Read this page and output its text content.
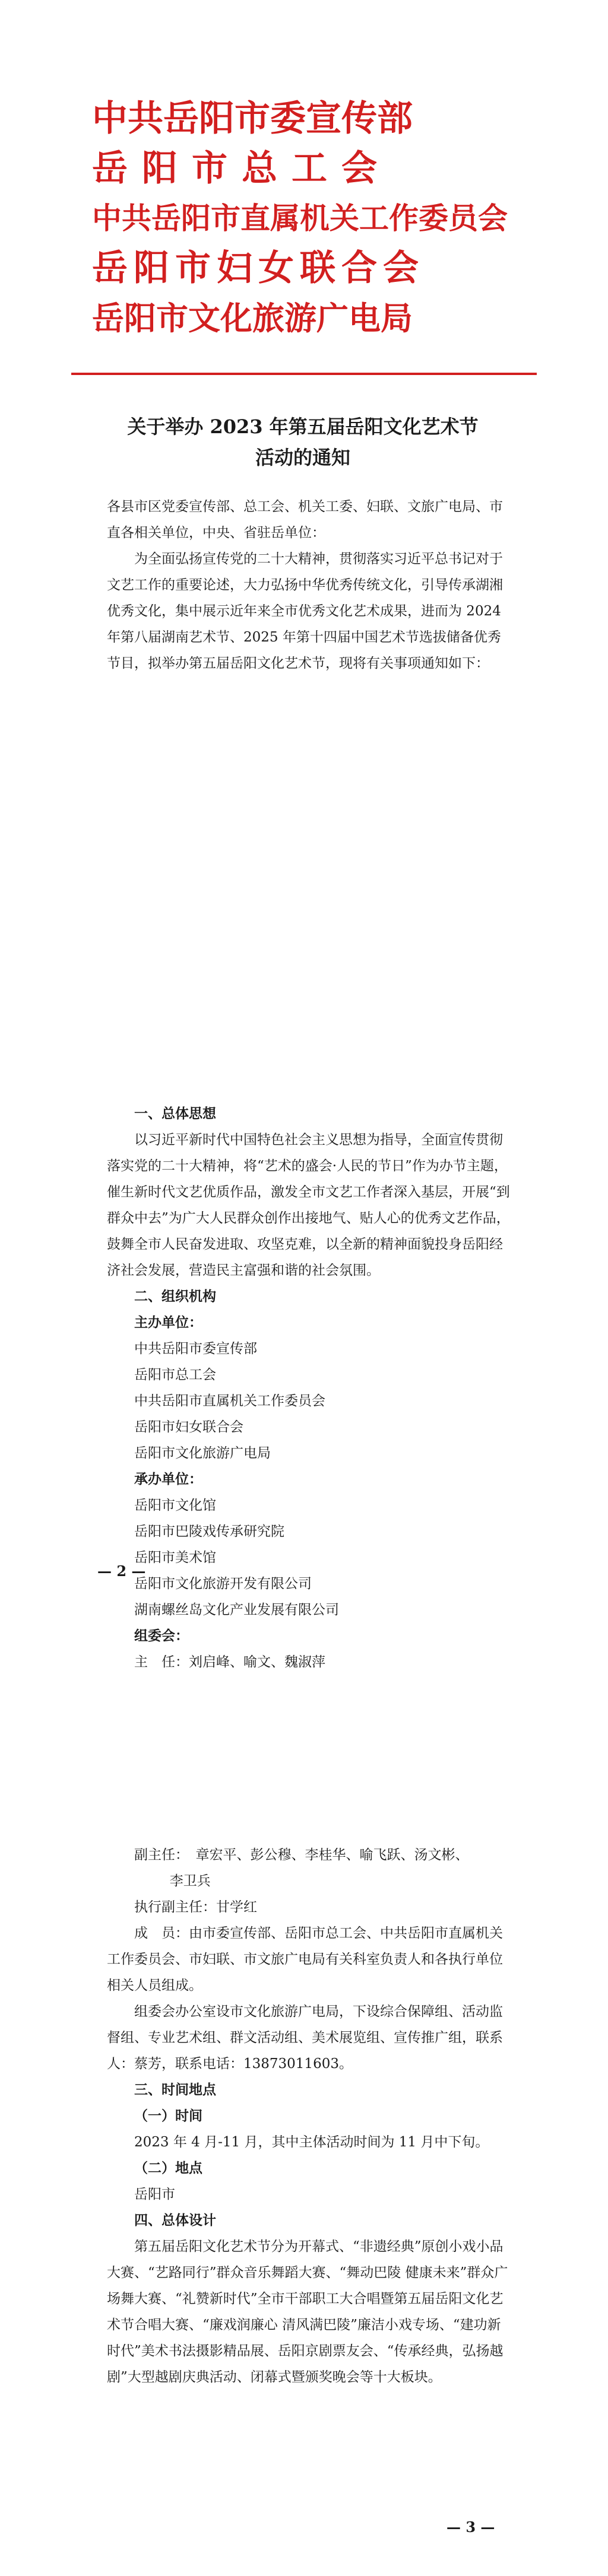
中共岳阳市委宣传部
岳阳市总工会
中共岳阳市直属机关工作委员会
岳阳市妇女联合会
岳阳市文化旅游广电局
关于举办 2023 年第五届岳阳文化艺术节
活动的通知

各县市区党委宣传部、总工会、机关工委、妇联、文旅广电局、市直各相关单位，中央、省驻岳单位：

为全面弘扬宣传党的二十大精神，贯彻落实习近平总书记对于文艺工作的重要论述，大力弘扬中华优秀传统文化，引导传承湖湘优秀文化，集中展示近年来全市优秀文化艺术成果，进而为 2024 年第八届湖南艺术节、2025 年第十四届中国艺术节选拔储备优秀节目，拟举办第五届岳阳文化艺术节，现将有关事项通知如下：

一、总体思想

以习近平新时代中国特色社会主义思想为指导，全面宣传贯彻落实党的二十大精神，将“艺术的盛会·人民的节日”作为办节主题，催生新时代文艺优质作品，激发全市文艺工作者深入基层，开展“到群众中去”为广大人民群众创作出接地气、贴人心的优秀文艺作品，鼓舞全市人民奋发进取、攻坚克难，以全新的精神面貌投身岳阳经济社会发展，营造民主富强和谐的社会氛围。

二、组织机构

主办单位：

中共岳阳市委宣传部

岳阳市总工会

中共岳阳市直属机关工作委员会

岳阳市妇女联合会

岳阳市文化旅游广电局

承办单位：

岳阳市文化馆

岳阳市巴陵戏传承研究院

岳阳市美术馆

岳阳市文化旅游开发有限公司

湖南螺丝岛文化产业发展有限公司

组委会：

主　任：刘启峰、喻文、魏淑萍

— 2 —

副主任：　章宏平、彭公穆、李桂华、喻飞跃、汤文彬、

李卫兵

执行副主任：甘学红

成　员：由市委宣传部、岳阳市总工会、中共岳阳市直属机关工作委员会、市妇联、市文旅广电局有关科室负责人和各执行单位相关人员组成。

组委会办公室设市文化旅游广电局，下设综合保障组、活动监督组、专业艺术组、群文活动组、美术展览组、宣传推广组，联系人：蔡芳，联系电话：13873011603。

三、时间地点

（一）时间

2023 年 4 月-11 月，其中主体活动时间为 11 月中下旬。

（二）地点

岳阳市

四、总体设计

第五届岳阳文化艺术节分为开幕式、“非遗经典”原创小戏小品大赛、“艺路同行”群众音乐舞蹈大赛、“舞动巴陵 健康未来”群众广场舞大赛、“礼赞新时代”全市干部职工大合唱暨第五届岳阳文化艺术节合唱大赛、“廉戏润廉心 清风满巴陵”廉洁小戏专场、“建功新时代”美术书法摄影精品展、岳阳京剧票友会、“传承经典，弘扬越剧”大型越剧庆典活动、闭幕式暨颁奖晚会等十大板块。

— 3 —
